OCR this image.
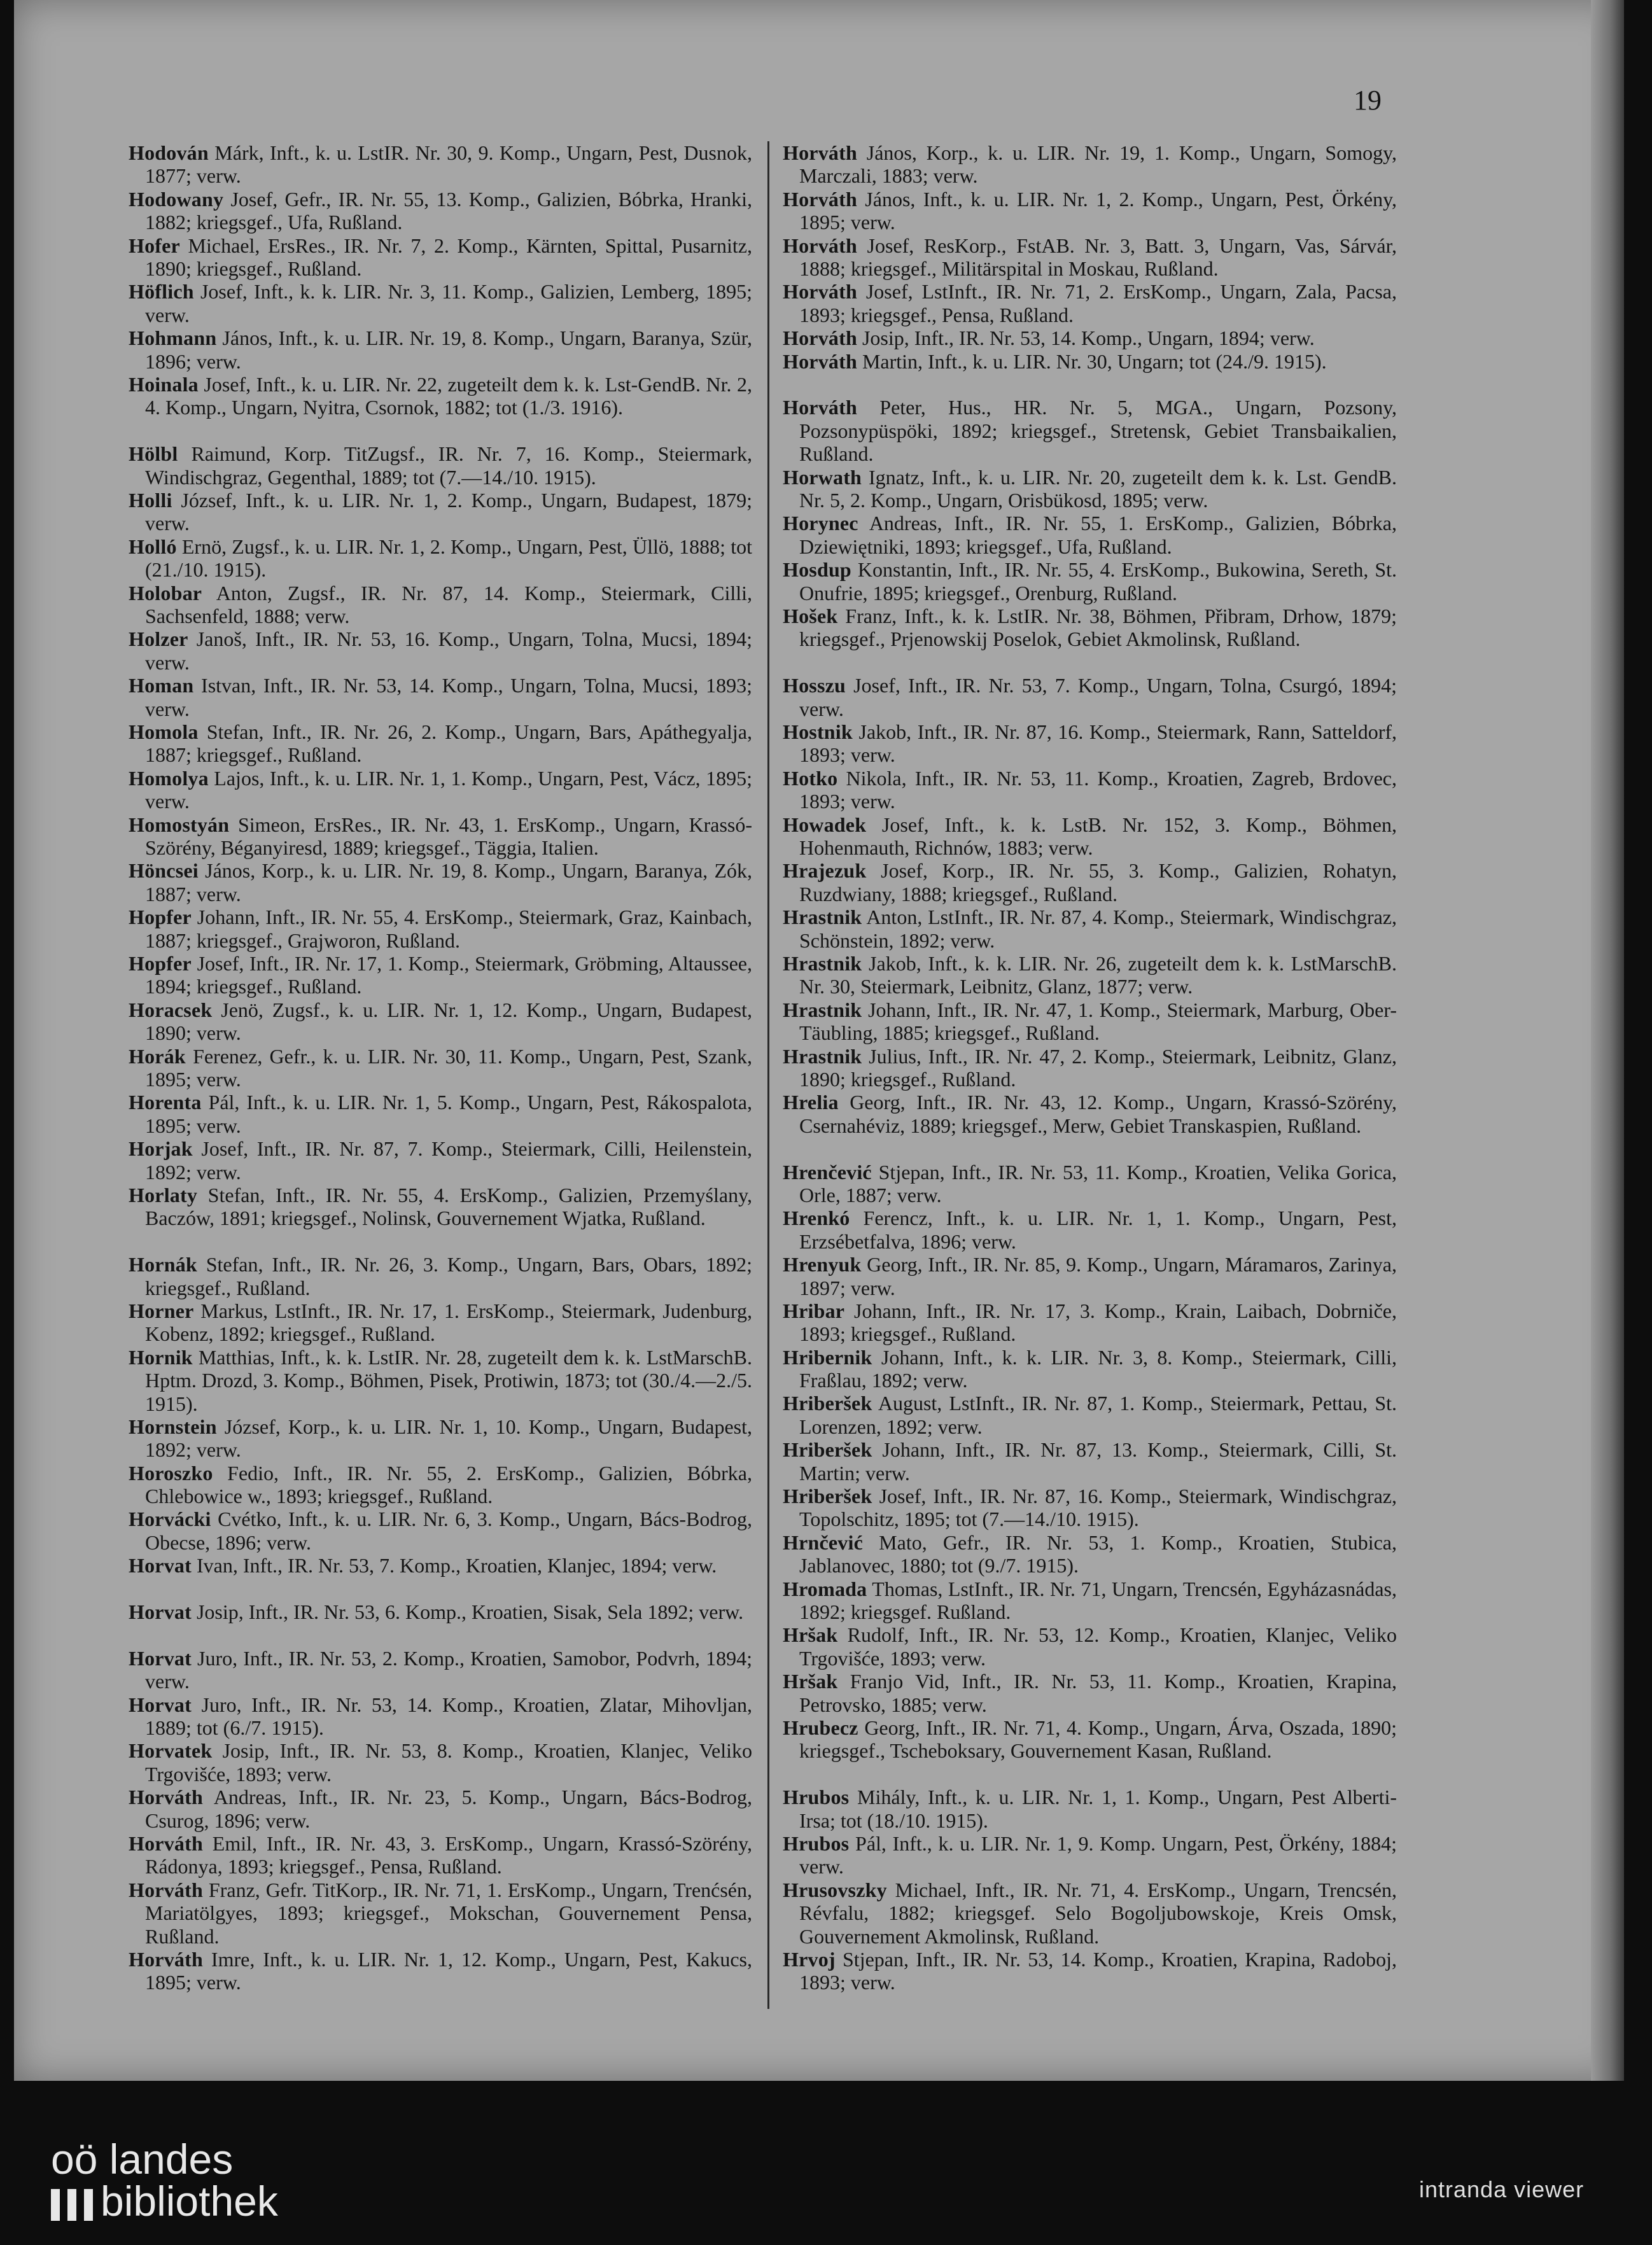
19
Hodován Márk, Inft., k. u. LstIR. Nr. 30, 9. Komp., Ungarn, Pest, Dusnok, 1877; verw.
Hodowany Josef, Gefr., IR. Nr. 55, 13. Komp., Galizien, Bóbrka, Hranki, 1882; kriegsgef., Ufa, Rußland.
Hofer Michael, ErsRes., IR. Nr. 7, 2. Komp., Kärnten, Spittal, Pusarnitz, 1890; kriegsgef., Rußland.
Höflich Josef, Inft., k. k. LIR. Nr. 3, 11. Komp., Galizien, Lemberg, 1895; verw.
Hohmann János, Inft., k. u. LIR. Nr. 19, 8. Komp., Ungarn, Baranya, Szür, 1896; verw.
Hoinala Josef, Inft., k. u. LIR. Nr. 22, zugeteilt dem k. k. Lst-GendB. Nr. 2, 4. Komp., Ungarn, Nyitra, Csornok, 1882; tot (1./3. 1916).
Hölbl Raimund, Korp. TitZugsf., IR. Nr. 7, 16. Komp., Steiermark, Windischgraz, Gegenthal, 1889; tot (7.—14./10. 1915).
Holli József, Inft., k. u. LIR. Nr. 1, 2. Komp., Ungarn, Budapest, 1879; verw.
Holló Ernö, Zugsf., k. u. LIR. Nr. 1, 2. Komp., Ungarn, Pest, Üllö, 1888; tot (21./10. 1915).
Holobar Anton, Zugsf., IR. Nr. 87, 14. Komp., Steiermark, Cilli, Sachsenfeld, 1888; verw.
Holzer Janoš, Inft., IR. Nr. 53, 16. Komp., Ungarn, Tolna, Mucsi, 1894; verw.
Homan Istvan, Inft., IR. Nr. 53, 14. Komp., Ungarn, Tolna, Mucsi, 1893; verw.
Homola Stefan, Inft., IR. Nr. 26, 2. Komp., Ungarn, Bars, Apáthegyalja, 1887; kriegsgef., Rußland.
Homolya Lajos, Inft., k. u. LIR. Nr. 1, 1. Komp., Ungarn, Pest, Vácz, 1895; verw.
Homostyán Simeon, ErsRes., IR. Nr. 43, 1. ErsKomp., Ungarn, Krassó-Szörény, Béganyiresd, 1889; kriegsgef., Täggia, Italien.
Höncsei János, Korp., k. u. LIR. Nr. 19, 8. Komp., Ungarn, Baranya, Zók, 1887; verw.
Hopfer Johann, Inft., IR. Nr. 55, 4. ErsKomp., Steiermark, Graz, Kainbach, 1887; kriegsgef., Grajworon, Rußland.
Hopfer Josef, Inft., IR. Nr. 17, 1. Komp., Steiermark, Gröbming, Altaussee, 1894; kriegsgef., Rußland.
Horacsek Jenö, Zugsf., k. u. LIR. Nr. 1, 12. Komp., Ungarn, Budapest, 1890; verw.
Horák Ferenez, Gefr., k. u. LIR. Nr. 30, 11. Komp., Ungarn, Pest, Szank, 1895; verw.
Horenta Pál, Inft., k. u. LIR. Nr. 1, 5. Komp., Ungarn, Pest, Rákospalota, 1895; verw.
Horjak Josef, Inft., IR. Nr. 87, 7. Komp., Steiermark, Cilli, Heilenstein, 1892; verw.
Horlaty Stefan, Inft., IR. Nr. 55, 4. ErsKomp., Galizien, Przemyślany, Baczów, 1891; kriegsgef., Nolinsk, Gouvernement Wjatka, Rußland.
Hornák Stefan, Inft., IR. Nr. 26, 3. Komp., Ungarn, Bars, Obars, 1892; kriegsgef., Rußland.
Horner Markus, LstInft., IR. Nr. 17, 1. ErsKomp., Steiermark, Judenburg, Kobenz, 1892; kriegsgef., Rußland.
Hornik Matthias, Inft., k. k. LstIR. Nr. 28, zugeteilt dem k. k. LstMarschB. Hptm. Drozd, 3. Komp., Böhmen, Pisek, Protiwin, 1873; tot (30./4.—2./5. 1915).
Hornstein József, Korp., k. u. LIR. Nr. 1, 10. Komp., Ungarn, Budapest, 1892; verw.
Horoszko Fedio, Inft., IR. Nr. 55, 2. ErsKomp., Galizien, Bóbrka, Chlebowice w., 1893; kriegsgef., Rußland.
Horvácki Cvétko, Inft., k. u. LIR. Nr. 6, 3. Komp., Ungarn, Bács-Bodrog, Obecse, 1896; verw.
Horvat Ivan, Inft., IR. Nr. 53, 7. Komp., Kroatien, Klanjec, 1894; verw.
Horvat Josip, Inft., IR. Nr. 53, 6. Komp., Kroatien, Sisak, Sela 1892; verw.
Horvat Juro, Inft., IR. Nr. 53, 2. Komp., Kroatien, Samobor, Podvrh, 1894; verw.
Horvat Juro, Inft., IR. Nr. 53, 14. Komp., Kroatien, Zlatar, Mihovljan, 1889; tot (6./7. 1915).
Horvatek Josip, Inft., IR. Nr. 53, 8. Komp., Kroatien, Klanjec, Veliko Trgovišće, 1893; verw.
Horváth Andreas, Inft., IR. Nr. 23, 5. Komp., Ungarn, Bács-Bodrog, Csurog, 1896; verw.
Horváth Emil, Inft., IR. Nr. 43, 3. ErsKomp., Ungarn, Krassó-Szörény, Rádonya, 1893; kriegsgef., Pensa, Rußland.
Horváth Franz, Gefr. TitKorp., IR. Nr. 71, 1. ErsKomp., Ungarn, Trenćsén, Mariatölgyes, 1893; kriegsgef., Mokschan, Gouvernement Pensa, Rußland.
Horváth Imre, Inft., k. u. LIR. Nr. 1, 12. Komp., Ungarn, Pest, Kakucs, 1895; verw.
Horváth János, Korp., k. u. LIR. Nr. 19, 1. Komp., Ungarn, Somogy, Marczali, 1883; verw.
Horváth János, Inft., k. u. LIR. Nr. 1, 2. Komp., Ungarn, Pest, Örkény, 1895; verw.
Horváth Josef, ResKorp., FstAB. Nr. 3, Batt. 3, Ungarn, Vas, Sárvár, 1888; kriegsgef., Militärspital in Moskau, Rußland.
Horváth Josef, LstInft., IR. Nr. 71, 2. ErsKomp., Ungarn, Zala, Pacsa, 1893; kriegsgef., Pensa, Rußland.
Horváth Josip, Inft., IR. Nr. 53, 14. Komp., Ungarn, 1894; verw.
Horváth Martin, Inft., k. u. LIR. Nr. 30, Ungarn; tot (24./9. 1915).
Horváth Peter, Hus., HR. Nr. 5, MGA., Ungarn, Pozsony, Pozsonypüspöki, 1892; kriegsgef., Stretensk, Gebiet Transbaikalien, Rußland.
Horwath Ignatz, Inft., k. u. LIR. Nr. 20, zugeteilt dem k. k. Lst. GendB. Nr. 5, 2. Komp., Ungarn, Orisbükosd, 1895; verw.
Horynec Andreas, Inft., IR. Nr. 55, 1. ErsKomp., Galizien, Bóbrka, Dziewiętniki, 1893; kriegsgef., Ufa, Rußland.
Hosdup Konstantin, Inft., IR. Nr. 55, 4. ErsKomp., Bukowina, Sereth, St. Onufrie, 1895; kriegsgef., Orenburg, Rußland.
Hošek Franz, Inft., k. k. LstIR. Nr. 38, Böhmen, Přibram, Drhow, 1879; kriegsgef., Prjenowskij Poselok, Gebiet Akmolinsk, Rußland.
Hosszu Josef, Inft., IR. Nr. 53, 7. Komp., Ungarn, Tolna, Csurgó, 1894; verw.
Hostnik Jakob, Inft., IR. Nr. 87, 16. Komp., Steiermark, Rann, Satteldorf, 1893; verw.
Hotko Nikola, Inft., IR. Nr. 53, 11. Komp., Kroatien, Zagreb, Brdovec, 1893; verw.
Howadek Josef, Inft., k. k. LstB. Nr. 152, 3. Komp., Böhmen, Hohenmauth, Richnów, 1883; verw.
Hrajezuk Josef, Korp., IR. Nr. 55, 3. Komp., Galizien, Rohatyn, Ruzdwiany, 1888; kriegsgef., Rußland.
Hrastnik Anton, LstInft., IR. Nr. 87, 4. Komp., Steiermark, Windischgraz, Schönstein, 1892; verw.
Hrastnik Jakob, Inft., k. k. LIR. Nr. 26, zugeteilt dem k. k. LstMarschB. Nr. 30, Steiermark, Leibnitz, Glanz, 1877; verw.
Hrastnik Johann, Inft., IR. Nr. 47, 1. Komp., Steiermark, Marburg, Ober-Täubling, 1885; kriegsgef., Rußland.
Hrastnik Julius, Inft., IR. Nr. 47, 2. Komp., Steiermark, Leibnitz, Glanz, 1890; kriegsgef., Rußland.
Hrelia Georg, Inft., IR. Nr. 43, 12. Komp., Ungarn, Krassó-Szörény, Csernahéviz, 1889; kriegsgef., Merw, Gebiet Transkaspien, Rußland.
Hrenčević Stjepan, Inft., IR. Nr. 53, 11. Komp., Kroatien, Velika Gorica, Orle, 1887; verw.
Hrenkó Ferencz, Inft., k. u. LIR. Nr. 1, 1. Komp., Ungarn, Pest, Erzsébetfalva, 1896; verw.
Hrenyuk Georg, Inft., IR. Nr. 85, 9. Komp., Ungarn, Máramaros, Zarinya, 1897; verw.
Hribar Johann, Inft., IR. Nr. 17, 3. Komp., Krain, Laibach, Dobrniče, 1893; kriegsgef., Rußland.
Hribernik Johann, Inft., k. k. LIR. Nr. 3, 8. Komp., Steiermark, Cilli, Fraßlau, 1892; verw.
Hriberšek August, LstInft., IR. Nr. 87, 1. Komp., Steiermark, Pettau, St. Lorenzen, 1892; verw.
Hriberšek Johann, Inft., IR. Nr. 87, 13. Komp., Steiermark, Cilli, St. Martin; verw.
Hriberšek Josef, Inft., IR. Nr. 87, 16. Komp., Steiermark, Windischgraz, Topolschitz, 1895; tot (7.—14./10. 1915).
Hrnčević Mato, Gefr., IR. Nr. 53, 1. Komp., Kroatien, Stubica, Jablanovec, 1880; tot (9./7. 1915).
Hromada Thomas, LstInft., IR. Nr. 71, Ungarn, Trencsén, Egyházasnádas, 1892; kriegsgef. Rußland.
Hršak Rudolf, Inft., IR. Nr. 53, 12. Komp., Kroatien, Klanjec, Veliko Trgovišće, 1893; verw.
Hršak Franjo Vid, Inft., IR. Nr. 53, 11. Komp., Kroatien, Krapina, Petrovsko, 1885; verw.
Hrubecz Georg, Inft., IR. Nr. 71, 4. Komp., Ungarn, Árva, Oszada, 1890; kriegsgef., Tscheboksary, Gouvernement Kasan, Rußland.
Hrubos Mihály, Inft., k. u. LIR. Nr. 1, 1. Komp., Ungarn, Pest Alberti-Irsa; tot (18./10. 1915).
Hrubos Pál, Inft., k. u. LIR. Nr. 1, 9. Komp. Ungarn, Pest, Örkény, 1884; verw.
Hrusovszky Michael, Inft., IR. Nr. 71, 4. ErsKomp., Ungarn, Trencsén, Révfalu, 1882; kriegsgef. Selo Bogoljubowskoje, Kreis Omsk, Gouvernement Akmolinsk, Rußland.
Hrvoj Stjepan, Inft., IR. Nr. 53, 14. Komp., Kroatien, Krapina, Radoboj, 1893; verw.
oö landes
bibliothek	intranda viewer
